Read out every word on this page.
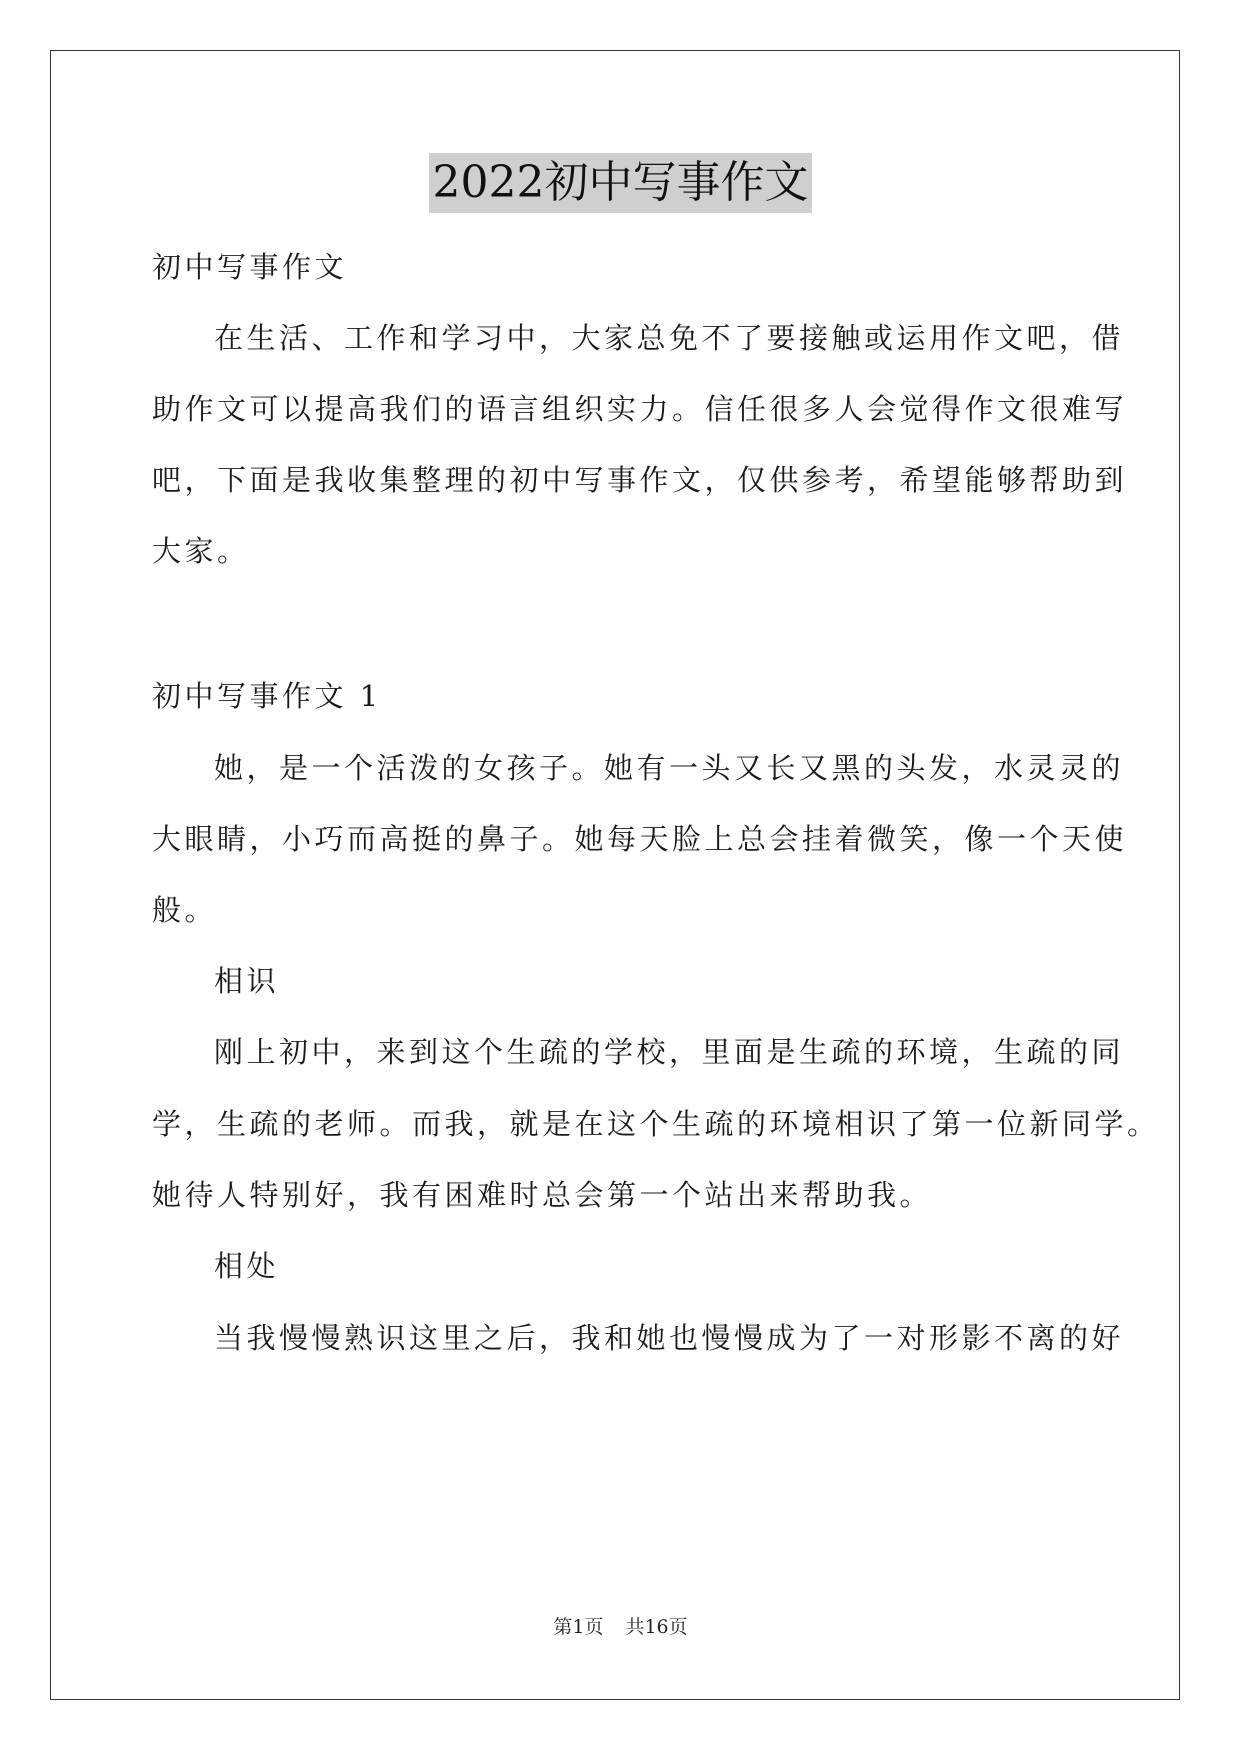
2022初中写事作文
初中写事作文
在生活、工作和学习中，大家总免不了要接触或运用作文吧，借
助作文可以提高我们的语言组织实力。信任很多人会觉得作文很难写
吧，下面是我收集整理的初中写事作文，仅供参考，希望能够帮助到
大家。
初中写事作文 1
她，是一个活泼的女孩子。她有一头又长又黑的头发，水灵灵的
大眼睛，小巧而高挺的鼻子。她每天脸上总会挂着微笑，像一个天使
般。
相识
刚上初中，来到这个生疏的学校，里面是生疏的环境，生疏的同
学，生疏的老师。而我，就是在这个生疏的环境相识了第一位新同学。
她待人特别好，我有困难时总会第一个站出来帮助我。
相处
当我慢慢熟识这里之后，我和她也慢慢成为了一对形影不离的好
第1页 共16页
